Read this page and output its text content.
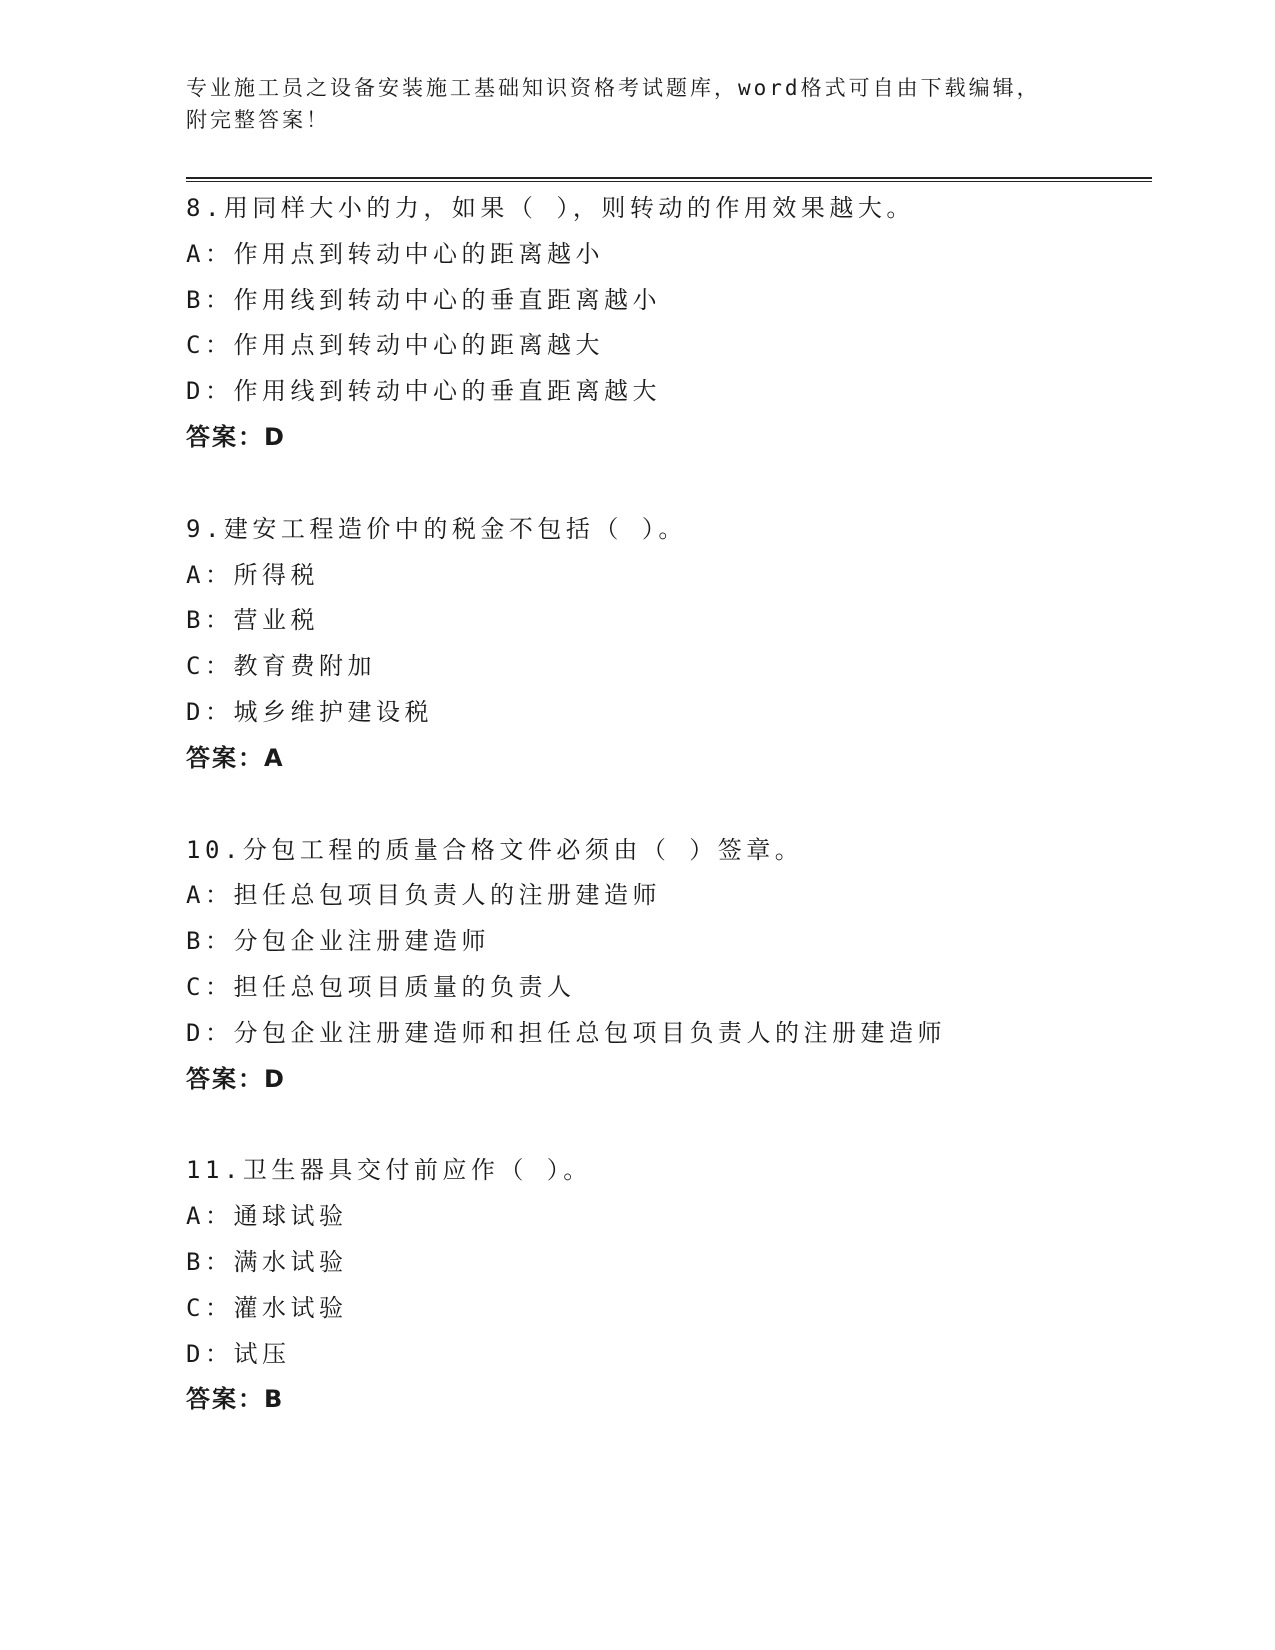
专业施工员之设备安装施工基础知识资格考试题库，word格式可自由下载编辑，
附完整答案！
8.用同样大小的力，如果（ ），则转动的作用效果越大。
A：作用点到转动中心的距离越小
B：作用线到转动中心的垂直距离越小
C：作用点到转动中心的距离越大
D：作用线到转动中心的垂直距离越大
答案：D
9.建安工程造价中的税金不包括（ ）。
A：所得税
B：营业税
C：教育费附加
D：城乡维护建设税
答案：A
10.分包工程的质量合格文件必须由（ ）签章。
A：担任总包项目负责人的注册建造师
B：分包企业注册建造师
C：担任总包项目质量的负责人
D：分包企业注册建造师和担任总包项目负责人的注册建造师
答案：D
11.卫生器具交付前应作（ ）。
A：通球试验
B：满水试验
C：灌水试验
D：试压
答案：B
